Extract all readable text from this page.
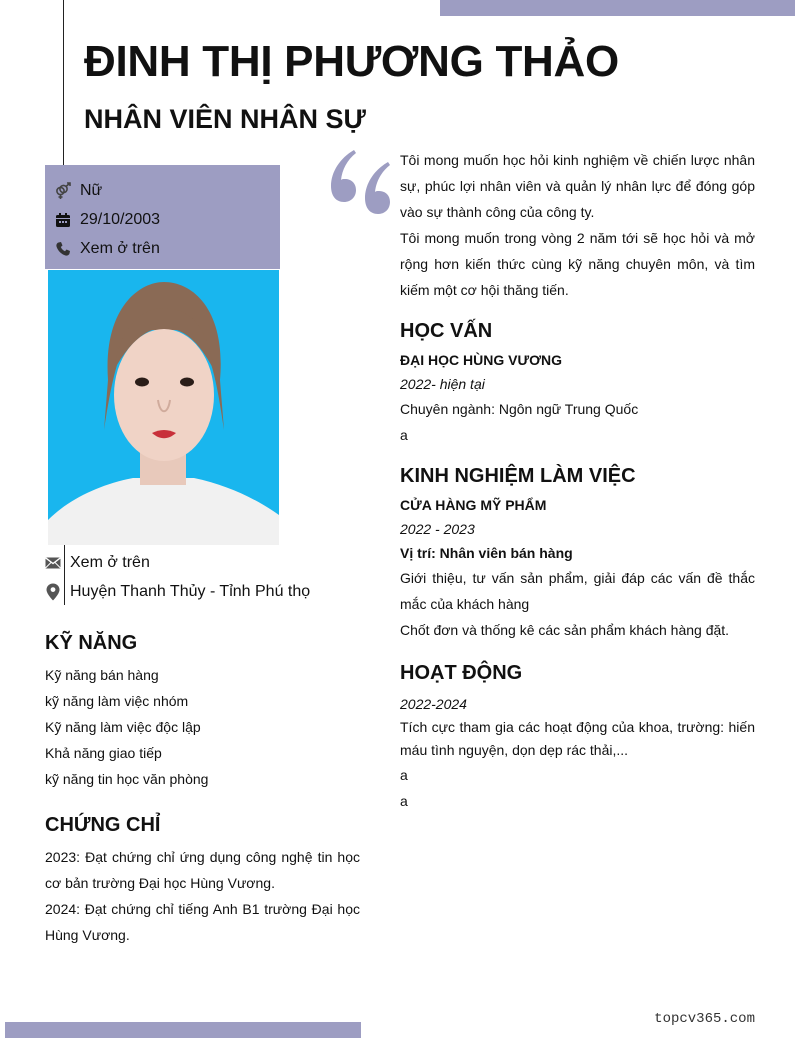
ĐINH THỊ PHƯƠNG THẢO
NHÂN VIÊN NHÂN SỰ
Nữ
29/10/2003
Xem ở trên
Xem ở trên
Huyện Thanh Thủy - Tỉnh Phú thọ
KỸ NĂNG
Kỹ năng bán hàng
kỹ năng làm việc nhóm
Kỹ năng làm việc độc lập
Khả năng giao tiếp
kỹ năng tin học văn phòng
CHỨNG CHỈ
2023: Đạt chứng chỉ ứng dụng công nghệ tin học cơ bản trường Đại học Hùng Vương.
2024: Đạt chứng chỉ tiếng Anh B1 trường Đại học Hùng Vương.
Tôi mong muốn học hỏi kinh nghiệm về chiến lược nhân sự, phúc lợi nhân viên và quản lý nhân lực để đóng góp vào sự thành công của công ty.
Tôi mong muốn trong vòng 2 năm tới sẽ học hỏi và mở rộng hơn kiến thức cùng kỹ năng chuyên môn, và tìm kiếm một cơ hội thăng tiến.
HỌC VẤN
ĐẠI HỌC HÙNG VƯƠNG
2022- hiện tại
Chuyên ngành: Ngôn ngữ Trung Quốc
a
KINH NGHIỆM LÀM VIỆC
CỬA HÀNG MỸ PHẨM
2022 - 2023
Vị trí: Nhân viên bán hàng
Giới thiệu, tư vấn sản phẩm, giải đáp các vấn đề thắc mắc của khách hàng
Chốt đơn và thống kê các sản phẩm khách hàng đặt.
HOẠT ĐỘNG
2022-2024
Tích cực tham gia các hoạt động của khoa, trường: hiến máu tình nguyện, dọn dẹp rác thải,...
a
a
topcv365.com
